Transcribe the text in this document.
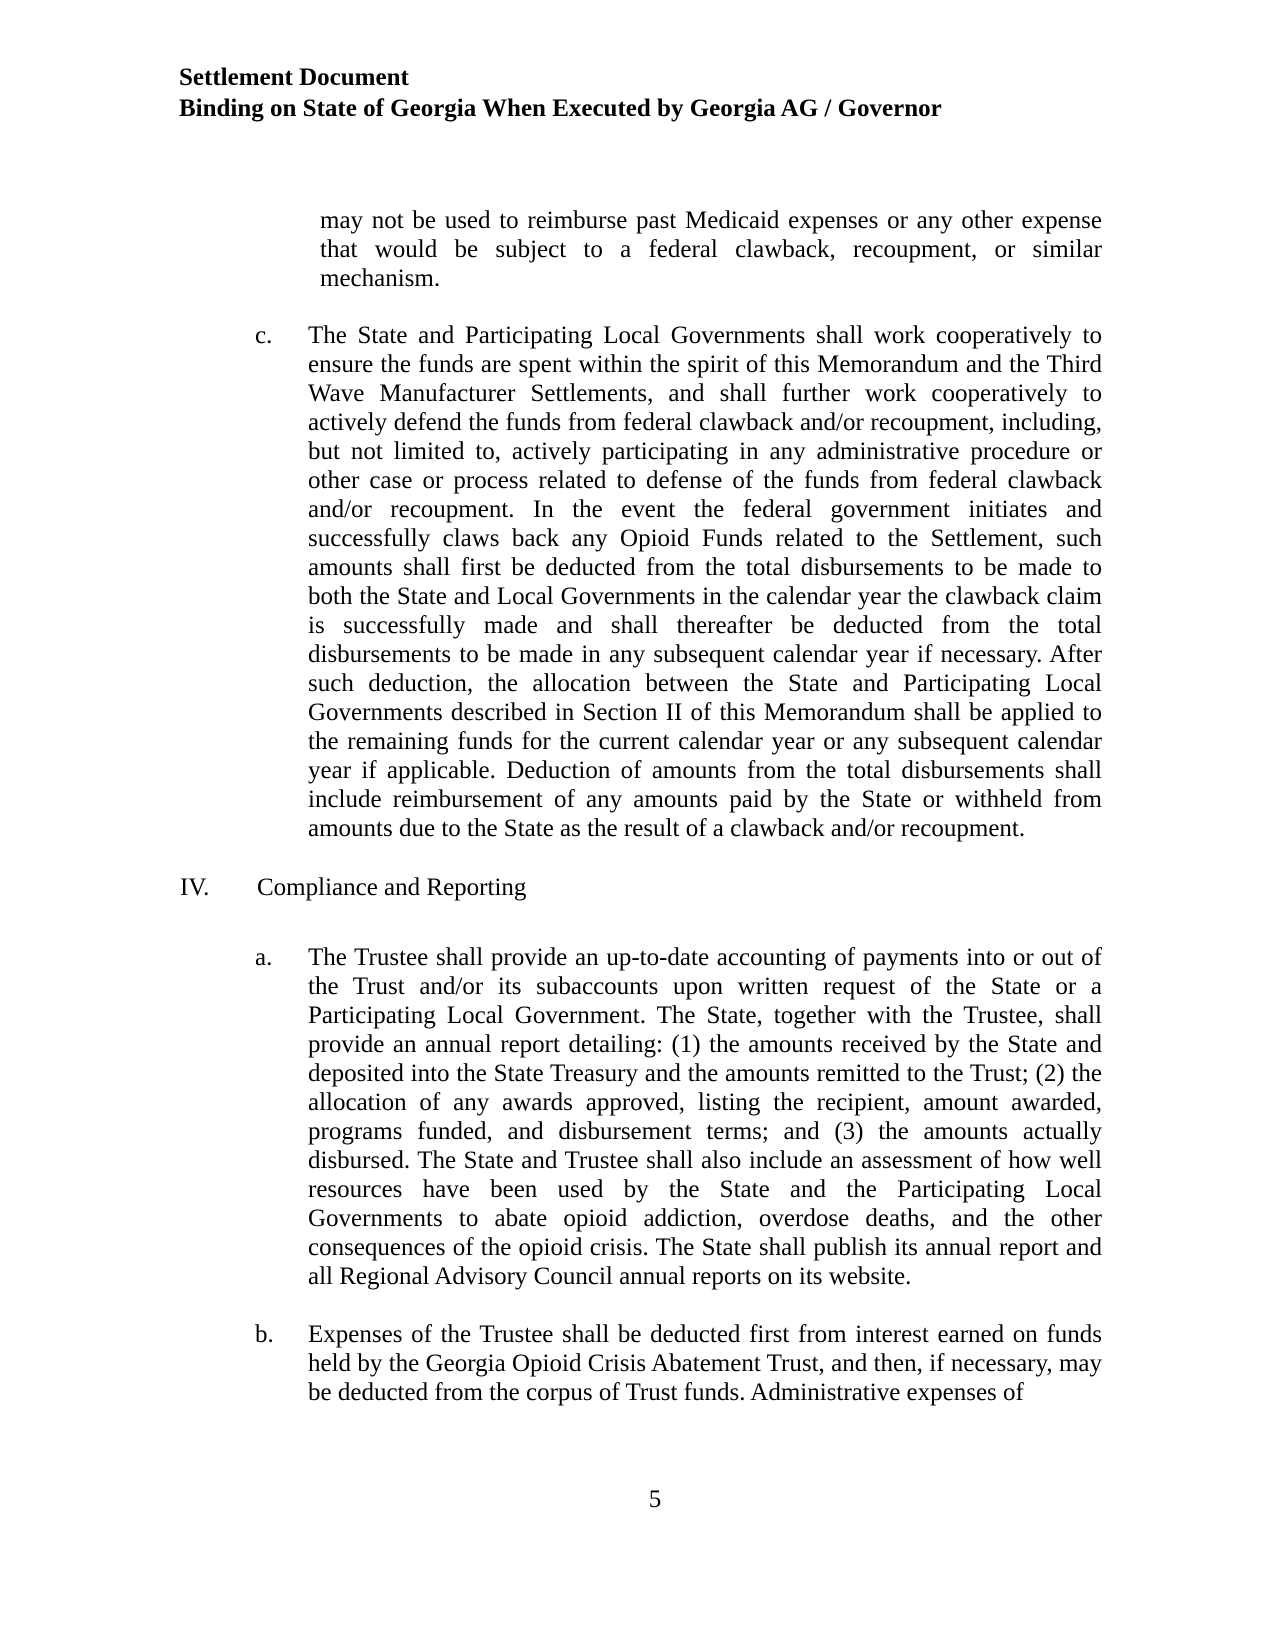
Settlement Document
Binding on State of Georgia When Executed by Georgia AG / Governor
may not be used to reimburse past Medicaid expenses or any other expense that would be subject to a federal clawback, recoupment, or similar mechanism.
c.	The State and Participating Local Governments shall work cooperatively to ensure the funds are spent within the spirit of this Memorandum and the Third Wave Manufacturer Settlements, and shall further work cooperatively to actively defend the funds from federal clawback and/or recoupment, including, but not limited to, actively participating in any administrative procedure or other case or process related to defense of the funds from federal clawback and/or recoupment. In the event the federal government initiates and successfully claws back any Opioid Funds related to the Settlement, such amounts shall first be deducted from the total disbursements to be made to both the State and Local Governments in the calendar year the clawback claim is successfully made and shall thereafter be deducted from the total disbursements to be made in any subsequent calendar year if necessary. After such deduction, the allocation between the State and Participating Local Governments described in Section II of this Memorandum shall be applied to the remaining funds for the current calendar year or any subsequent calendar year if applicable. Deduction of amounts from the total disbursements shall include reimbursement of any amounts paid by the State or withheld from amounts due to the State as the result of a clawback and/or recoupment.
IV. Compliance and Reporting
a.	The Trustee shall provide an up-to-date accounting of payments into or out of the Trust and/or its subaccounts upon written request of the State or a Participating Local Government. The State, together with the Trustee, shall provide an annual report detailing: (1) the amounts received by the State and deposited into the State Treasury and the amounts remitted to the Trust; (2) the allocation of any awards approved, listing the recipient, amount awarded, programs funded, and disbursement terms; and (3) the amounts actually disbursed. The State and Trustee shall also include an assessment of how well resources have been used by the State and the Participating Local Governments to abate opioid addiction, overdose deaths, and the other consequences of the opioid crisis. The State shall publish its annual report and all Regional Advisory Council annual reports on its website.
b.	Expenses of the Trustee shall be deducted first from interest earned on funds held by the Georgia Opioid Crisis Abatement Trust, and then, if necessary, may be deducted from the corpus of Trust funds. Administrative expenses of
5
